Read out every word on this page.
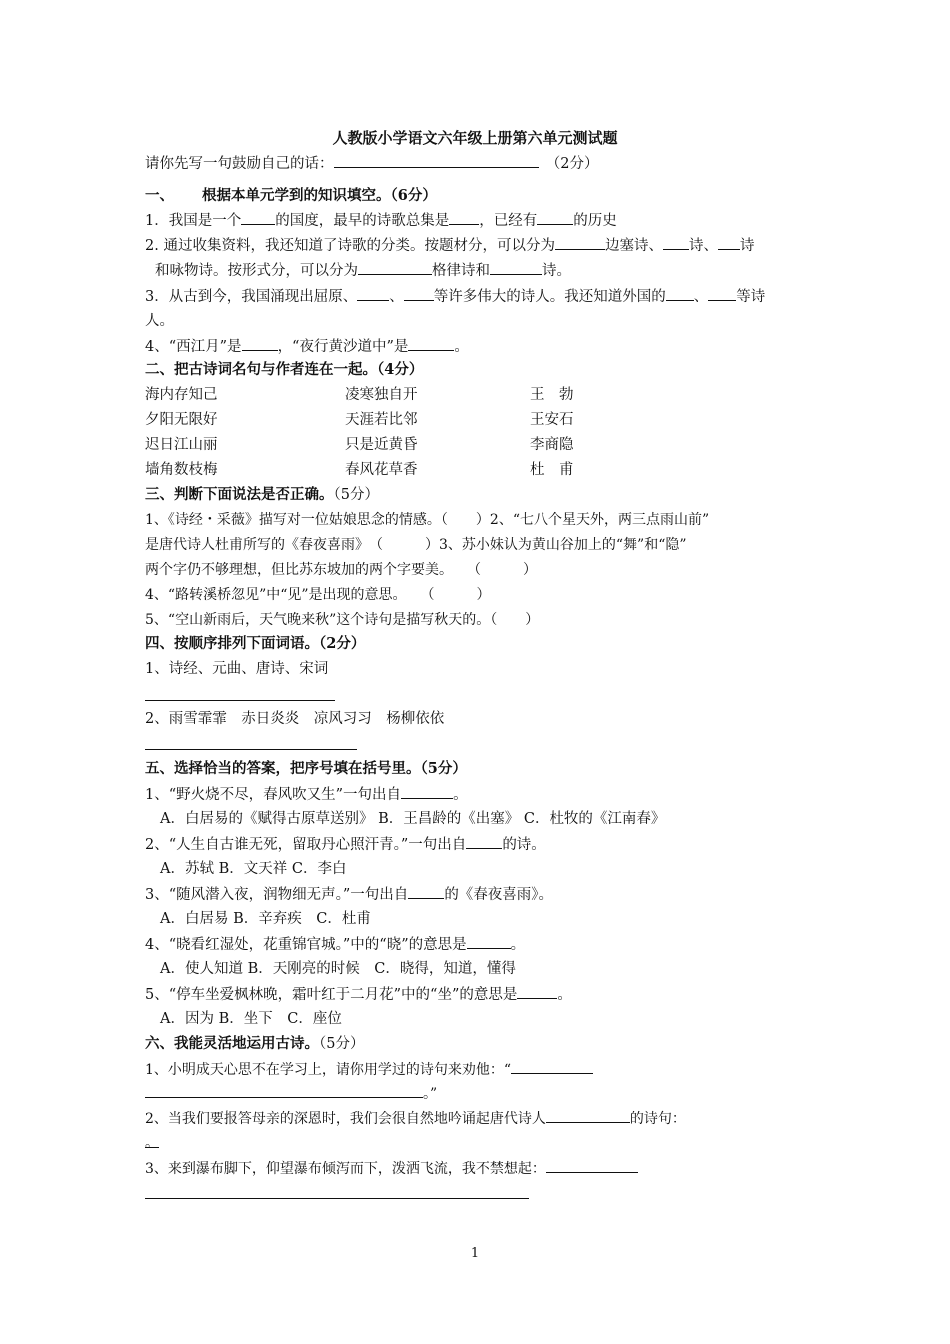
人教版小学语文六年级上册第六单元测试题
请你先写一句鼓励自己的话：　	（2分）
一、 根据本单元学到的知识填空。（6分）
1．我国是一个 的国度，最早的诗歌总集是 ，已经有 的历史
2. 通过收集资料，我还知道了诗歌的分类。按题材分，可以分为	边塞诗、 诗、 诗
和咏物诗。按形式分，可以分为	格律诗和	诗。
3．从古到今，我国涌现出屈原、 、 等许多伟大的诗人。我还知道外国的 、 等诗
人。
4、“西江月”是 ，“夜行黄沙道中”是	。
二、把古诗词名句与作者连在一起。（4分）
海内存知己	凌寒独自开	王　勃
夕阳无限好	天涯若比邻	王安石
迟日江山丽	只是近黄昏	李商隐
墙角数枝梅	春风花草香	杜　甫
三、判断下面说法是否正确。（5分）
1、《诗经・采薇》描写对一位姑娘思念的情感。（　　）2、“七八个星天外，两三点雨山前”
是唐代诗人杜甫所写的《春夜喜雨》　（　　　）3、苏小妹认为黄山谷加上的“舞”和“隐”
两个字仍不够理想，但比苏东坡加的两个字要美。　　（　　　）
4、“路转溪桥忽见”中“见”是出现的意思。　　（　　　）
5、“空山新雨后，天气晚来秋”这个诗句是描写秋天的。（　　）
四、按顺序排列下面词语。（2分）
1、诗经、元曲、唐诗、宋词
2、雨雪霏霏　赤日炎炎　凉风习习　杨柳依依
五、选择恰当的答案，把序号填在括号里。（5分）
1、“野火烧不尽，春风吹又生”一句出自	。
A．白居易的《赋得古原草送别》 B．王昌龄的《出塞》 C．杜牧的《江南春》
2、“人生自古谁无死，留取丹心照汗青。”一句出自 的诗。
A．苏轼 B．文天祥 C．李白
3、“随风潜入夜，润物细无声。”一句出自 的《春夜喜雨》。
A．白居易 B．辛弃疾　C．杜甫
4、“晓看红湿处，花重锦官城。”中的“晓”的意思是	。
A．使人知道 B．天刚亮的时候　C．晓得，知道，懂得
5、“停车坐爱枫林晚，霜叶红于二月花”中的“坐”的意思是	。
A．因为 B．坐下　C．座位
六、我能灵活地运用古诗。（5分）
1、小明成天心思不在学习上，请你用学过的诗句来劝他：“
。”
2、当我们要报答母亲的深恩时，我们会很自然地吟诵起唐代诗人	的诗句：
。
3、来到瀑布脚下，仰望瀑布倾泻而下，泼洒飞流，我不禁想起：
1
